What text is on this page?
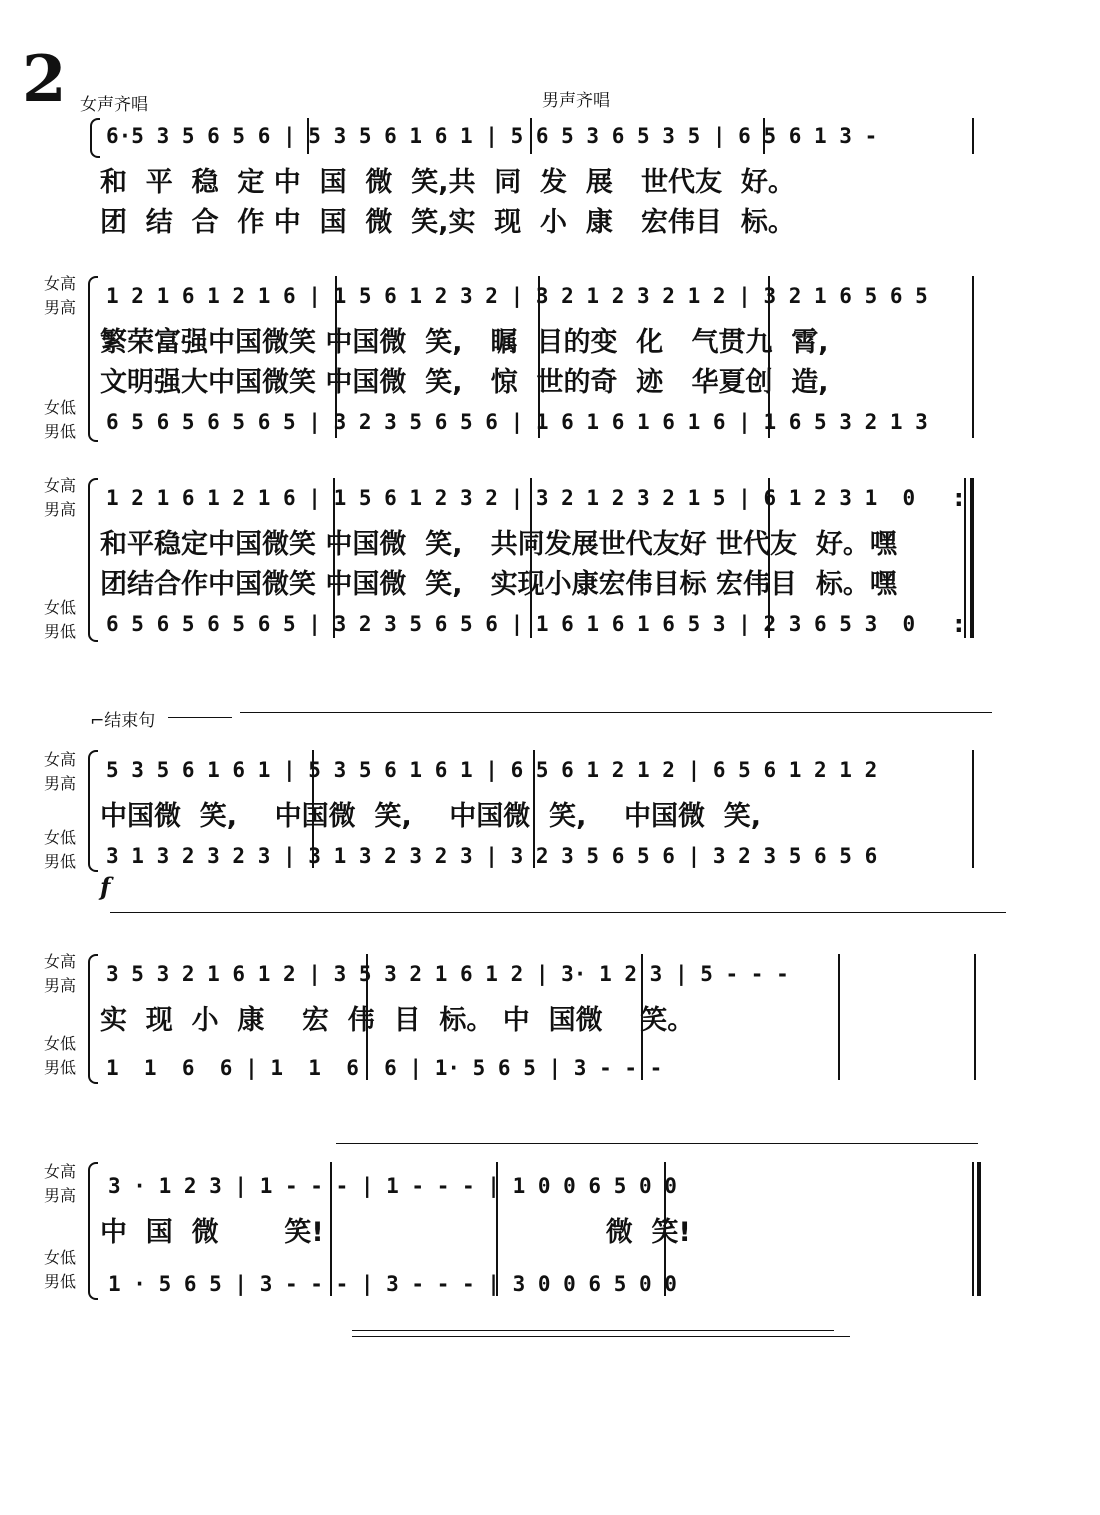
2 女声齐唱	男声齐唱
6·5 3 5 6 5 6 | 5 3 5 6 1 6 1 | 5 6 5 3 6 5 3 5 | 6 5 6 1 3 -
和  平  稳  定 中  国  微  笑,共  同  发  展   世代友  好。
团  结  合  作 中  国  微  笑,实  现  小  康   宏伟目  标。
女高
男高
女低
男低
1 2 1 6 1 2 1 6 | 1 5 6 1 2 3 2 | 3 2 1 2 3 2 1 2 | 3 2 1 6 5 6 5
繁荣富强中国微笑 中国微  笑,   瞩  目的变  化   气贯九  霄,
文明强大中国微笑 中国微  笑,   惊  世的奇  迹   华夏创  造,
6 5 6 5 6 5 6 5 | 3 2 3 5 6 5 6 | 1 6 1 6 1 6 1 6 | 1 6 5 3 2 1 3
女高
男高
女低
男低
1 2 1 6 1 2 1 6 | 1 5 6 1 2 3 2 | 3 2 1 2 3 2 1 5 | 6 1 2 3 1  0 :
和平稳定中国微笑 中国微  笑,   共同发展世代友好 世代友  好。嘿
团结合作中国微笑 中国微  笑,   实现小康宏伟目标 宏伟目  标。嘿
6 5 6 5 6 5 6 5 | 3 2 3 5 6 5 6 | 1 6 1 6 1 6 5 3 | 2 3 6 5 3  0 :
⌐结束句
女高
男高
女低
男低
5 3 5 6 1 6 1 | 5 3 5 6 1 6 1 | 6 5 6 1 2 1 2 | 6 5 6 1 2 1 2
中国微  笑,    中国微  笑,    中国微  笑,    中国微  笑,
3 1 3 2 3 2 3 | 3 1 3 2 3 2 3 | 3 2 3 5 6 5 6 | 3 2 3 5 6 5 6
f
女高
男高
女低
男低
3 5 3 2 1 6 1 2 | 3 5 3 2 1 6 1 2 | 3· 1 2 3 | 5 - - -
实  现  小  康    宏  伟  目  标。 中  国微    笑。
1  1  6  6 | 1  1  6  6 | 1· 5 6 5 | 3 - - -
女高
男高
女低
男低
3 · 1 2 3 | 1 - - - | 1 - - - | 1 0 0 6 5 0 0
中  国  微       笑!                              微  笑!
1 · 5 6 5 | 3 - - - | 3 - - - | 3 0 0 6 5 0 0
